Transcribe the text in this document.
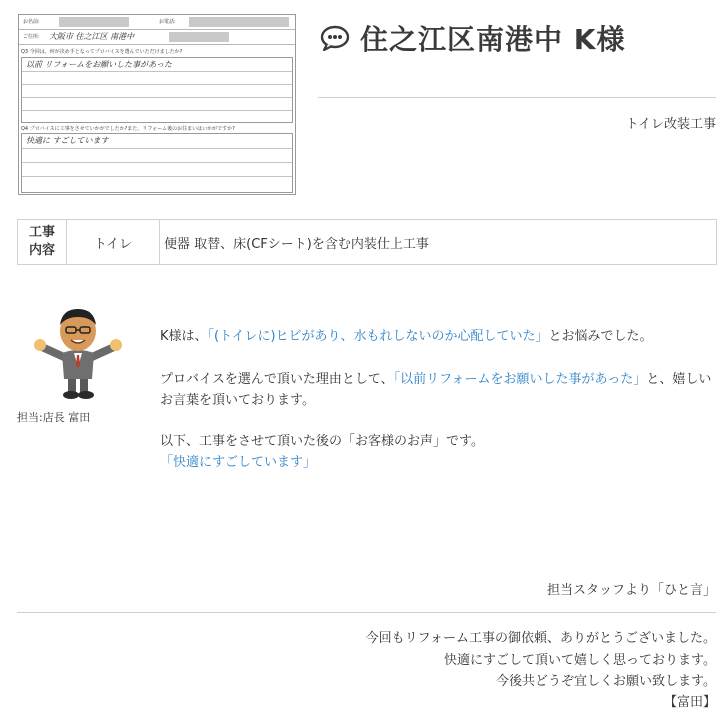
お名前:	お電話:
ご住所: 大阪市 住之江区 南港中
Q3 今回は、何が決め手となってプロバイスを選んでいただけましたか?
以前 リフォームをお願いした事があった
Q4 プロバイスに工事をさせていかがでしたか?また、リフォーム後のお住まいはいかがですか?
快適に すごしています
住之江区南港中 K様
トイレ改装工事
工事
内容	トイレ	便器 取替、床(CFシート)を含む内装仕上工事
担当:店長 富田
K様は、「(トイレに)ヒビがあり、水もれしないのか心配していた」とお悩みでした。
プロバイスを選んで頂いた理由として、「以前リフォームをお願いした事があった」と、嬉しいお言葉を頂いております。
以下、工事をさせて頂いた後の「お客様のお声」です。
「快適にすごしています」
担当スタッフより「ひと言」
今回もリフォーム工事の御依頼、ありがとうございました。
快適にすごして頂いて嬉しく思っております。
今後共どうぞ宜しくお願い致します。
【富田】
